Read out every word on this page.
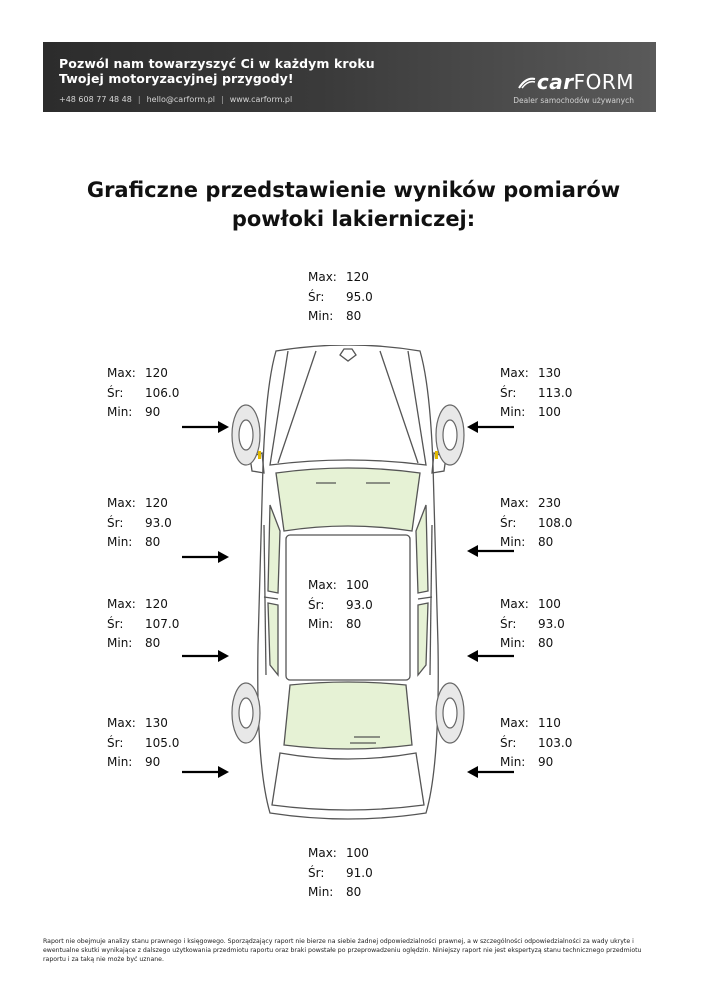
Pozwól nam towarzyszyć Ci w każdym kroku
Twojej motoryzacyjnej przygody!
+48 608 77 48 48 | hello@carform.pl | www.carform.pl
car FORM
Dealer samochodów używanych
Graficzne przedstawienie wyników pomiarów
powłoki lakierniczej:
Max: 120
Śr:	95.0
Min:	80
Max: 120
Śr:	106.0
Min:	90
Max: 130
Śr:	113.0
Min:	100
Max: 120
Śr:	93.0
Min:	80
Max: 230
Śr:	108.0
Min:	80
Max: 100
Śr:	93.0
Min:	80
Max: 120
Śr:	107.0
Min:	80
Max: 100
Śr:	93.0
Min:	80
Max: 130
Śr:	105.0
Min:	90
Max: 110
Śr:	103.0
Min:	90
Max: 100
Śr:	91.0
Min:	80
Raport nie obejmuje analizy stanu prawnego i księgowego. Sporządzający raport nie bierze na siebie żadnej odpowiedzialności prawnej, a w szczególności odpowiedzialności za wady ukryte i ewentualne skutki wynikające z dalszego użytkowania przedmiotu raportu oraz braki powstałe po przeprowadzeniu oględzin. Niniejszy raport nie jest ekspertyzą stanu technicznego przedmiotu raportu i za taką nie może być uznane.
